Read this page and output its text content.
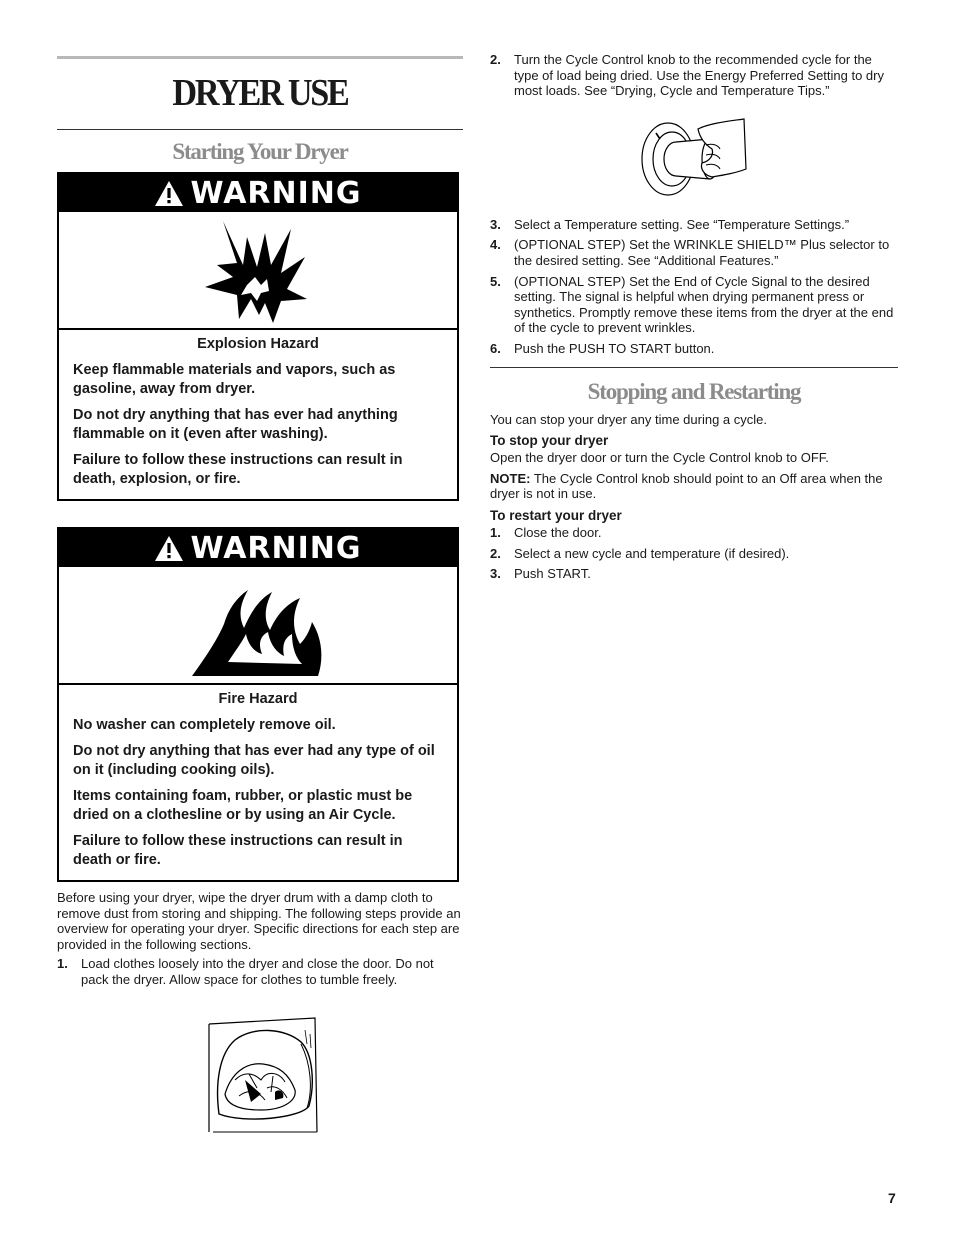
DRYER USE
Starting Your Dryer
WARNING
Explosion Hazard

Keep flammable materials and vapors, such as gasoline, away from dryer.

Do not dry anything that has ever had anything flammable on it (even after washing).

Failure to follow these instructions can result in death, explosion, or fire.

WARNING
Fire Hazard

No washer can completely remove oil.

Do not dry anything that has ever had any type of oil on it (including cooking oils).

Items containing foam, rubber, or plastic must be dried on a clothesline or by using an Air Cycle.

Failure to follow these instructions can result in death or fire.

Before using your dryer, wipe the dryer drum with a damp cloth to remove dust from storing and shipping. The following steps provide an overview for operating your dryer. Specific directions for each step are provided in the following sections.

1. Load clothes loosely into the dryer and close the door. Do not pack the dryer. Allow space for clothes to tumble freely.
2. Turn the Cycle Control knob to the recommended cycle for the type of load being dried. Use the Energy Preferred Setting to dry most loads. See “Drying, Cycle and Temperature Tips.”
3. Select a Temperature setting. See “Temperature Settings.”
4. (OPTIONAL STEP) Set the WRINKLE SHIELD™ Plus selector to the desired setting. See “Additional Features.”
5. (OPTIONAL STEP) Set the End of Cycle Signal to the desired setting. The signal is helpful when drying permanent press or synthetics. Promptly remove these items from the dryer at the end of the cycle to prevent wrinkles.
6. Push the PUSH TO START button.
Stopping and Restarting

You can stop your dryer any time during a cycle.

To stop your dryer

Open the dryer door or turn the Cycle Control knob to OFF.

NOTE: The Cycle Control knob should point to an Off area when the dryer is not in use.

To restart your dryer
1. Close the door.
2. Select a new cycle and temperature (if desired).
3. Push START.
7
